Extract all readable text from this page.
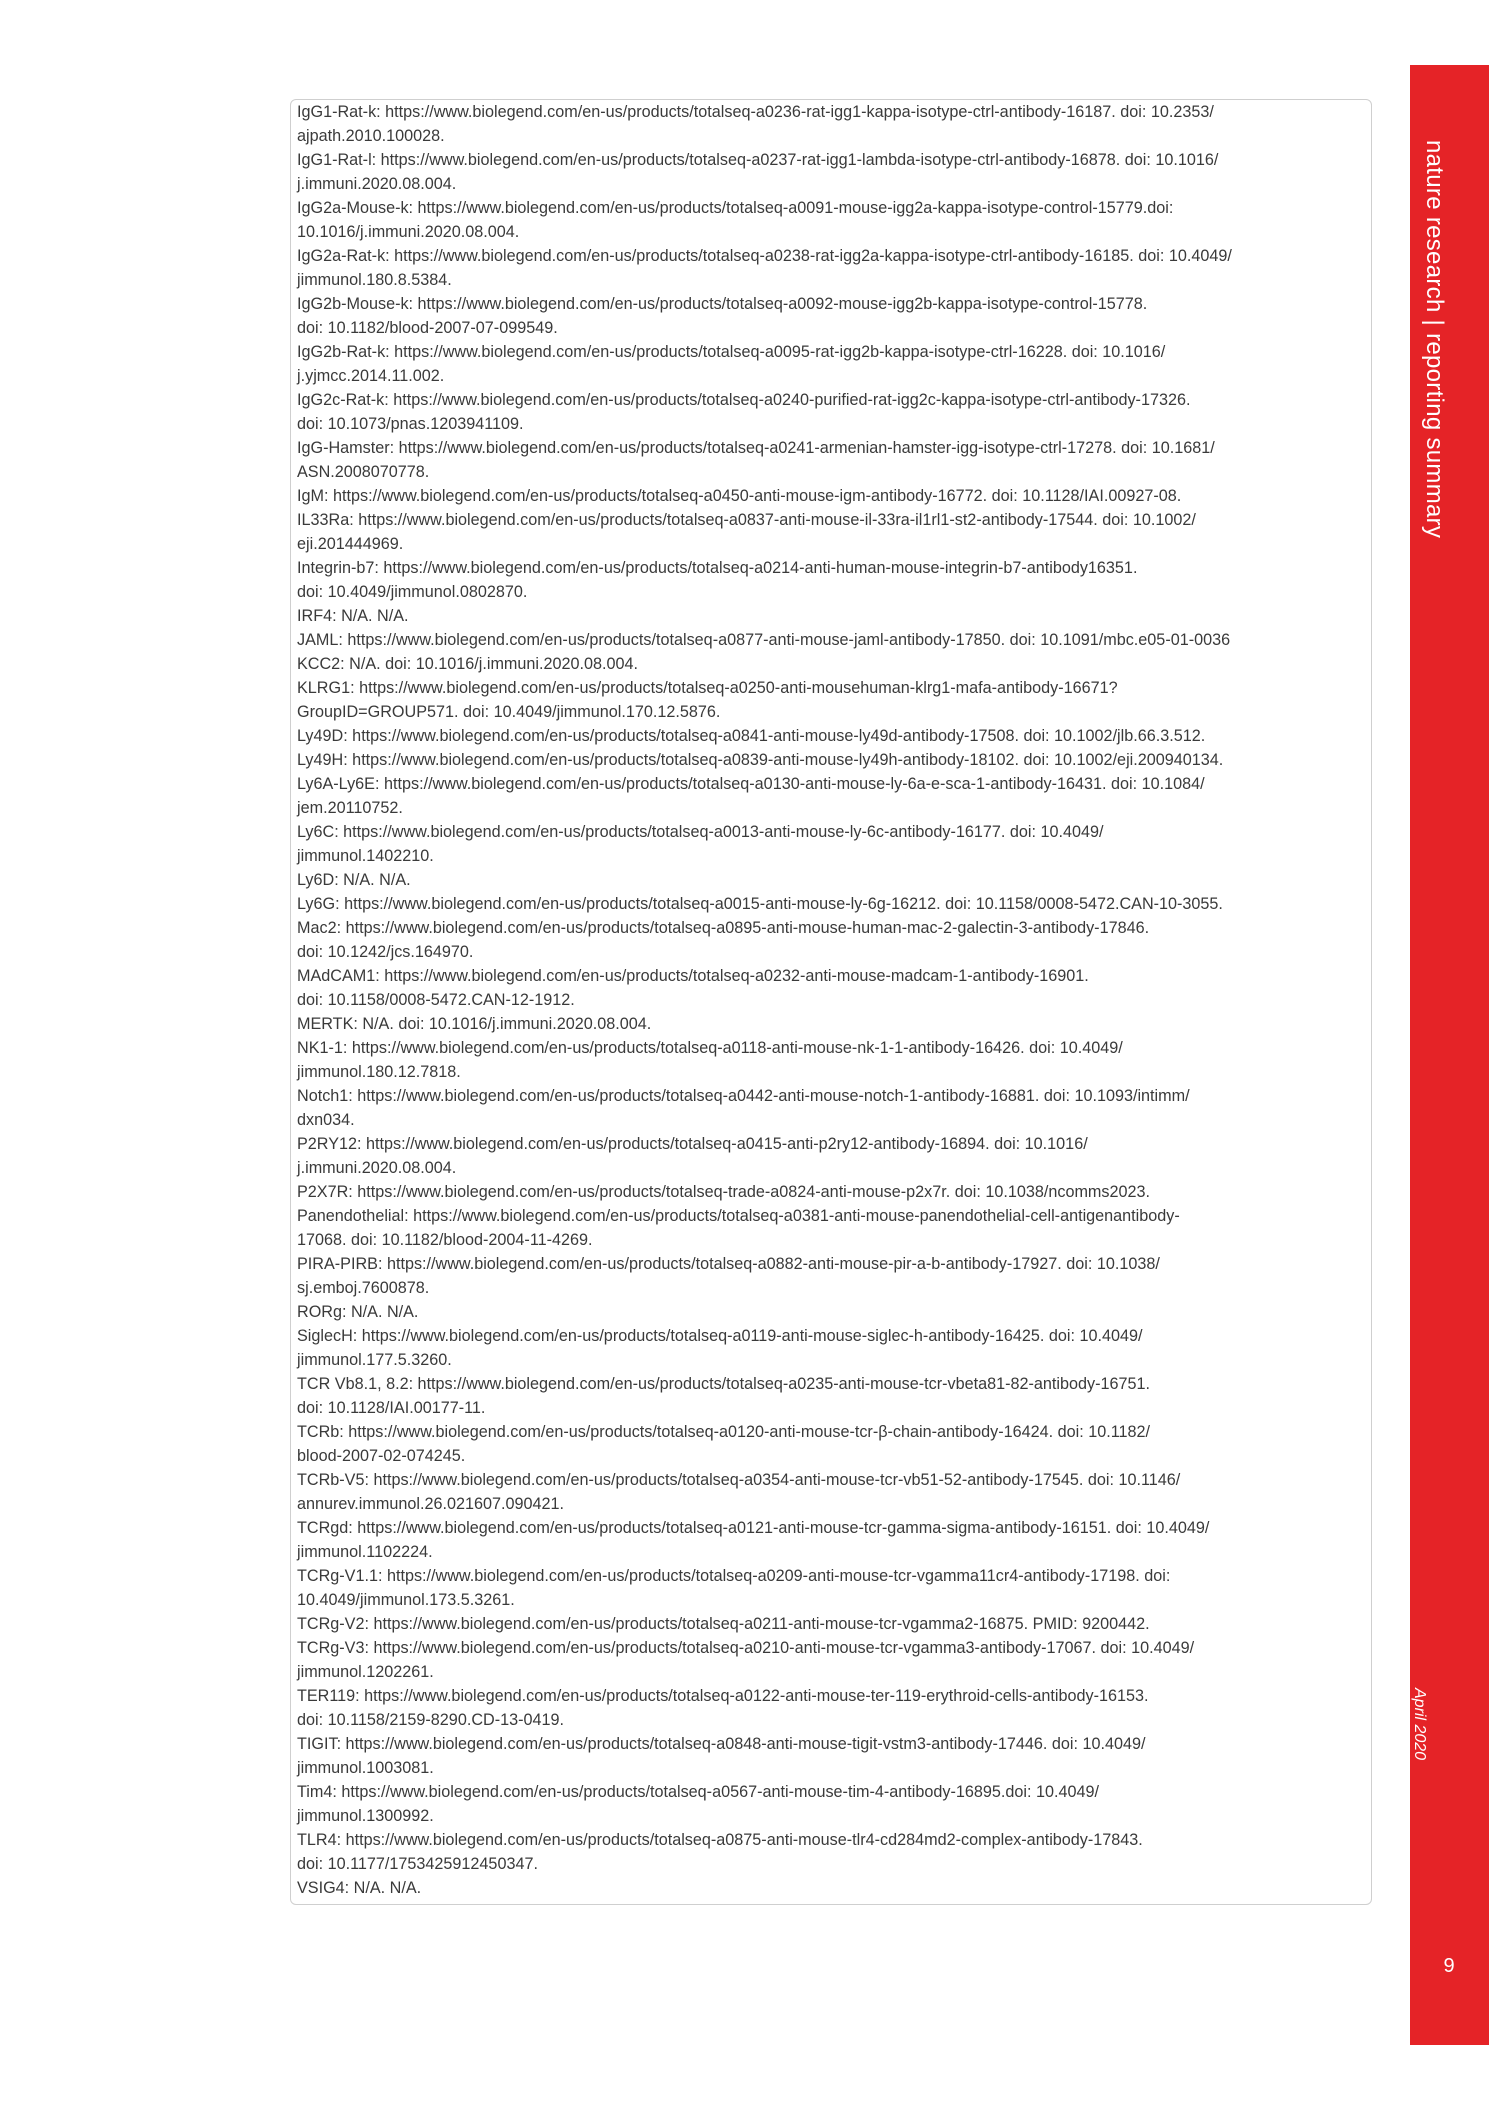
IgG1-Rat-k: https://www.biolegend.com/en-us/products/totalseq-a0236-rat-igg1-kappa-isotype-ctrl-antibody-16187. doi: 10.2353/
ajpath.2010.100028.

IgG1-Rat-l: https://www.biolegend.com/en-us/products/totalseq-a0237-rat-igg1-lambda-isotype-ctrl-antibody-16878. doi: 10.1016/
j.immuni.2020.08.004.

IgG2a-Mouse-k: https://www.biolegend.com/en-us/products/totalseq-a0091-mouse-igg2a-kappa-isotype-control-15779.doi:
10.1016/j.immuni.2020.08.004.

IgG2a-Rat-k: https://www.biolegend.com/en-us/products/totalseq-a0238-rat-igg2a-kappa-isotype-ctrl-antibody-16185. doi: 10.4049/
jimmunol.180.8.5384.

IgG2b-Mouse-k: https://www.biolegend.com/en-us/products/totalseq-a0092-mouse-igg2b-kappa-isotype-control-15778.
doi: 10.1182/blood-2007-07-099549.

IgG2b-Rat-k: https://www.biolegend.com/en-us/products/totalseq-a0095-rat-igg2b-kappa-isotype-ctrl-16228. doi: 10.1016/
j.yjmcc.2014.11.002.

IgG2c-Rat-k: https://www.biolegend.com/en-us/products/totalseq-a0240-purified-rat-igg2c-kappa-isotype-ctrl-antibody-17326.
doi: 10.1073/pnas.1203941109.

IgG-Hamster: https://www.biolegend.com/en-us/products/totalseq-a0241-armenian-hamster-igg-isotype-ctrl-17278. doi: 10.1681/
ASN.2008070778.

IgM: https://www.biolegend.com/en-us/products/totalseq-a0450-anti-mouse-igm-antibody-16772. doi: 10.1128/IAI.00927-08.

IL33Ra: https://www.biolegend.com/en-us/products/totalseq-a0837-anti-mouse-il-33ra-il1rl1-st2-antibody-17544. doi: 10.1002/
eji.201444969.

Integrin-b7: https://www.biolegend.com/en-us/products/totalseq-a0214-anti-human-mouse-integrin-b7-antibody16351.
doi: 10.4049/jimmunol.0802870.

IRF4: N/A. N/A.

JAML: https://www.biolegend.com/en-us/products/totalseq-a0877-anti-mouse-jaml-antibody-17850. doi: 10.1091/mbc.e05-01-0036

KCC2: N/A. doi: 10.1016/j.immuni.2020.08.004.

KLRG1: https://www.biolegend.com/en-us/products/totalseq-a0250-anti-mousehuman-klrg1-mafa-antibody-16671?
GroupID=GROUP571. doi: 10.4049/jimmunol.170.12.5876.

Ly49D: https://www.biolegend.com/en-us/products/totalseq-a0841-anti-mouse-ly49d-antibody-17508. doi: 10.1002/jlb.66.3.512.

Ly49H: https://www.biolegend.com/en-us/products/totalseq-a0839-anti-mouse-ly49h-antibody-18102. doi: 10.1002/eji.200940134.

Ly6A-Ly6E: https://www.biolegend.com/en-us/products/totalseq-a0130-anti-mouse-ly-6a-e-sca-1-antibody-16431. doi: 10.1084/
jem.20110752.

Ly6C: https://www.biolegend.com/en-us/products/totalseq-a0013-anti-mouse-ly-6c-antibody-16177. doi: 10.4049/
jimmunol.1402210.

Ly6D: N/A. N/A.

Ly6G: https://www.biolegend.com/en-us/products/totalseq-a0015-anti-mouse-ly-6g-16212. doi: 10.1158/0008-5472.CAN-10-3055.

Mac2: https://www.biolegend.com/en-us/products/totalseq-a0895-anti-mouse-human-mac-2-galectin-3-antibody-17846.
doi: 10.1242/jcs.164970.

MAdCAM1: https://www.biolegend.com/en-us/products/totalseq-a0232-anti-mouse-madcam-1-antibody-16901.
doi: 10.1158/0008-5472.CAN-12-1912.

MERTK: N/A. doi: 10.1016/j.immuni.2020.08.004.

NK1-1: https://www.biolegend.com/en-us/products/totalseq-a0118-anti-mouse-nk-1-1-antibody-16426. doi: 10.4049/
jimmunol.180.12.7818.

Notch1: https://www.biolegend.com/en-us/products/totalseq-a0442-anti-mouse-notch-1-antibody-16881. doi: 10.1093/intimm/
dxn034.

P2RY12: https://www.biolegend.com/en-us/products/totalseq-a0415-anti-p2ry12-antibody-16894. doi: 10.1016/
j.immuni.2020.08.004.

P2X7R: https://www.biolegend.com/en-us/products/totalseq-trade-a0824-anti-mouse-p2x7r. doi: 10.1038/ncomms2023.

Panendothelial: https://www.biolegend.com/en-us/products/totalseq-a0381-anti-mouse-panendothelial-cell-antigenantibody-
17068. doi: 10.1182/blood-2004-11-4269.

PIRA-PIRB: https://www.biolegend.com/en-us/products/totalseq-a0882-anti-mouse-pir-a-b-antibody-17927. doi: 10.1038/
sj.emboj.7600878.

RORg: N/A. N/A.

SiglecH: https://www.biolegend.com/en-us/products/totalseq-a0119-anti-mouse-siglec-h-antibody-16425. doi: 10.4049/
jimmunol.177.5.3260.

TCR Vb8.1, 8.2: https://www.biolegend.com/en-us/products/totalseq-a0235-anti-mouse-tcr-vbeta81-82-antibody-16751.
doi: 10.1128/IAI.00177-11.

TCRb: https://www.biolegend.com/en-us/products/totalseq-a0120-anti-mouse-tcr-β-chain-antibody-16424. doi: 10.1182/
blood-2007-02-074245.

TCRb-V5: https://www.biolegend.com/en-us/products/totalseq-a0354-anti-mouse-tcr-vb51-52-antibody-17545. doi: 10.1146/
annurev.immunol.26.021607.090421.

TCRgd: https://www.biolegend.com/en-us/products/totalseq-a0121-anti-mouse-tcr-gamma-sigma-antibody-16151. doi: 10.4049/
jimmunol.1102224.

TCRg-V1.1: https://www.biolegend.com/en-us/products/totalseq-a0209-anti-mouse-tcr-vgamma11cr4-antibody-17198. doi:
10.4049/jimmunol.173.5.3261.

TCRg-V2: https://www.biolegend.com/en-us/products/totalseq-a0211-anti-mouse-tcr-vgamma2-16875. PMID: 9200442.

TCRg-V3: https://www.biolegend.com/en-us/products/totalseq-a0210-anti-mouse-tcr-vgamma3-antibody-17067. doi: 10.4049/
jimmunol.1202261.

TER119: https://www.biolegend.com/en-us/products/totalseq-a0122-anti-mouse-ter-119-erythroid-cells-antibody-16153.
doi: 10.1158/2159-8290.CD-13-0419.

TIGIT: https://www.biolegend.com/en-us/products/totalseq-a0848-anti-mouse-tigit-vstm3-antibody-17446. doi: 10.4049/
jimmunol.1003081.

Tim4: https://www.biolegend.com/en-us/products/totalseq-a0567-anti-mouse-tim-4-antibody-16895.doi: 10.4049/
jimmunol.1300992.

TLR4: https://www.biolegend.com/en-us/products/totalseq-a0875-anti-mouse-tlr4-cd284md2-complex-antibody-17843.
doi: 10.1177/1753425912450347.

VSIG4: N/A. N/A.

nature research | reporting summary
April 2020
9
